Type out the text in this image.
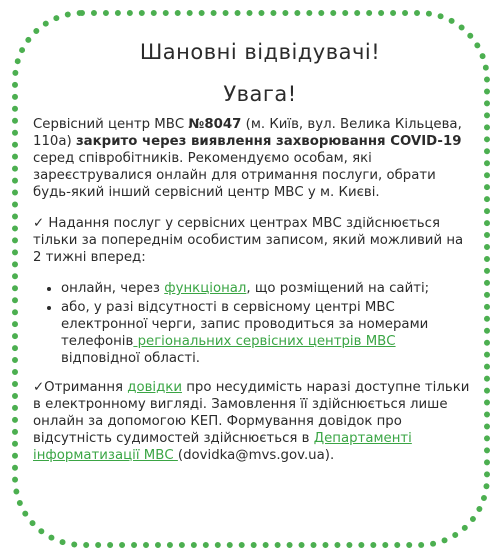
Шановні відвідувачі!
Увага!

Сервісний центр МВС №8047 (м. Київ, вул. Велика Кільцева, 110а) закрито через виявлення захворювання COVID-19 серед співробітників. Рекомендуємо особам, які зареєструвалися онлайн для отримання послуги, обрати будь-який інший сервісний центр МВС у м. Києві.

✓ Надання послуг у сервісних центрах МВС здійснюється тільки за попереднім особистим записом, який можливий на 2 тижні вперед:

• онлайн, через функціонал, що розміщений на сайті;
• або, у разі відсутності в сервісному центрі МВС електронної черги, запис проводиться за номерами телефонів регіональних сервісних центрів МВС відповідної області.

✓Отримання довідки про несудимість наразі доступне тільки в електронному вигляді. Замовлення її здійснюється лише онлайн за допомогою КЕП. Формування довідок про відсутність судимостей здійснюється в Департаменті інформатизації МВС (dovidka@mvs.gov.ua).
